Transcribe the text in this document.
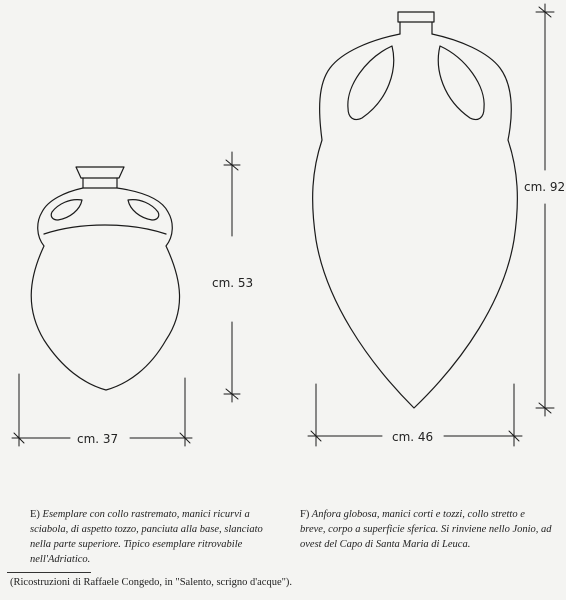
cm. 53
cm. 37
cm. 92
cm. 46
E) Esemplare con collo rastremato, manici ricurvi a sciabola, di aspetto tozzo, panciuta alla base, slanciato nella parte superiore. Tipico esemplare ritrovabile nell'Adriatico.
F) Anfora globosa, manici corti e tozzi, collo stretto e breve, corpo a superficie sferica. Si rinviene nello Jonio, ad ovest del Capo di Santa Maria di Leuca.
(Ricostruzioni di Raffaele Congedo, in "Salento, scrigno d'acque").
